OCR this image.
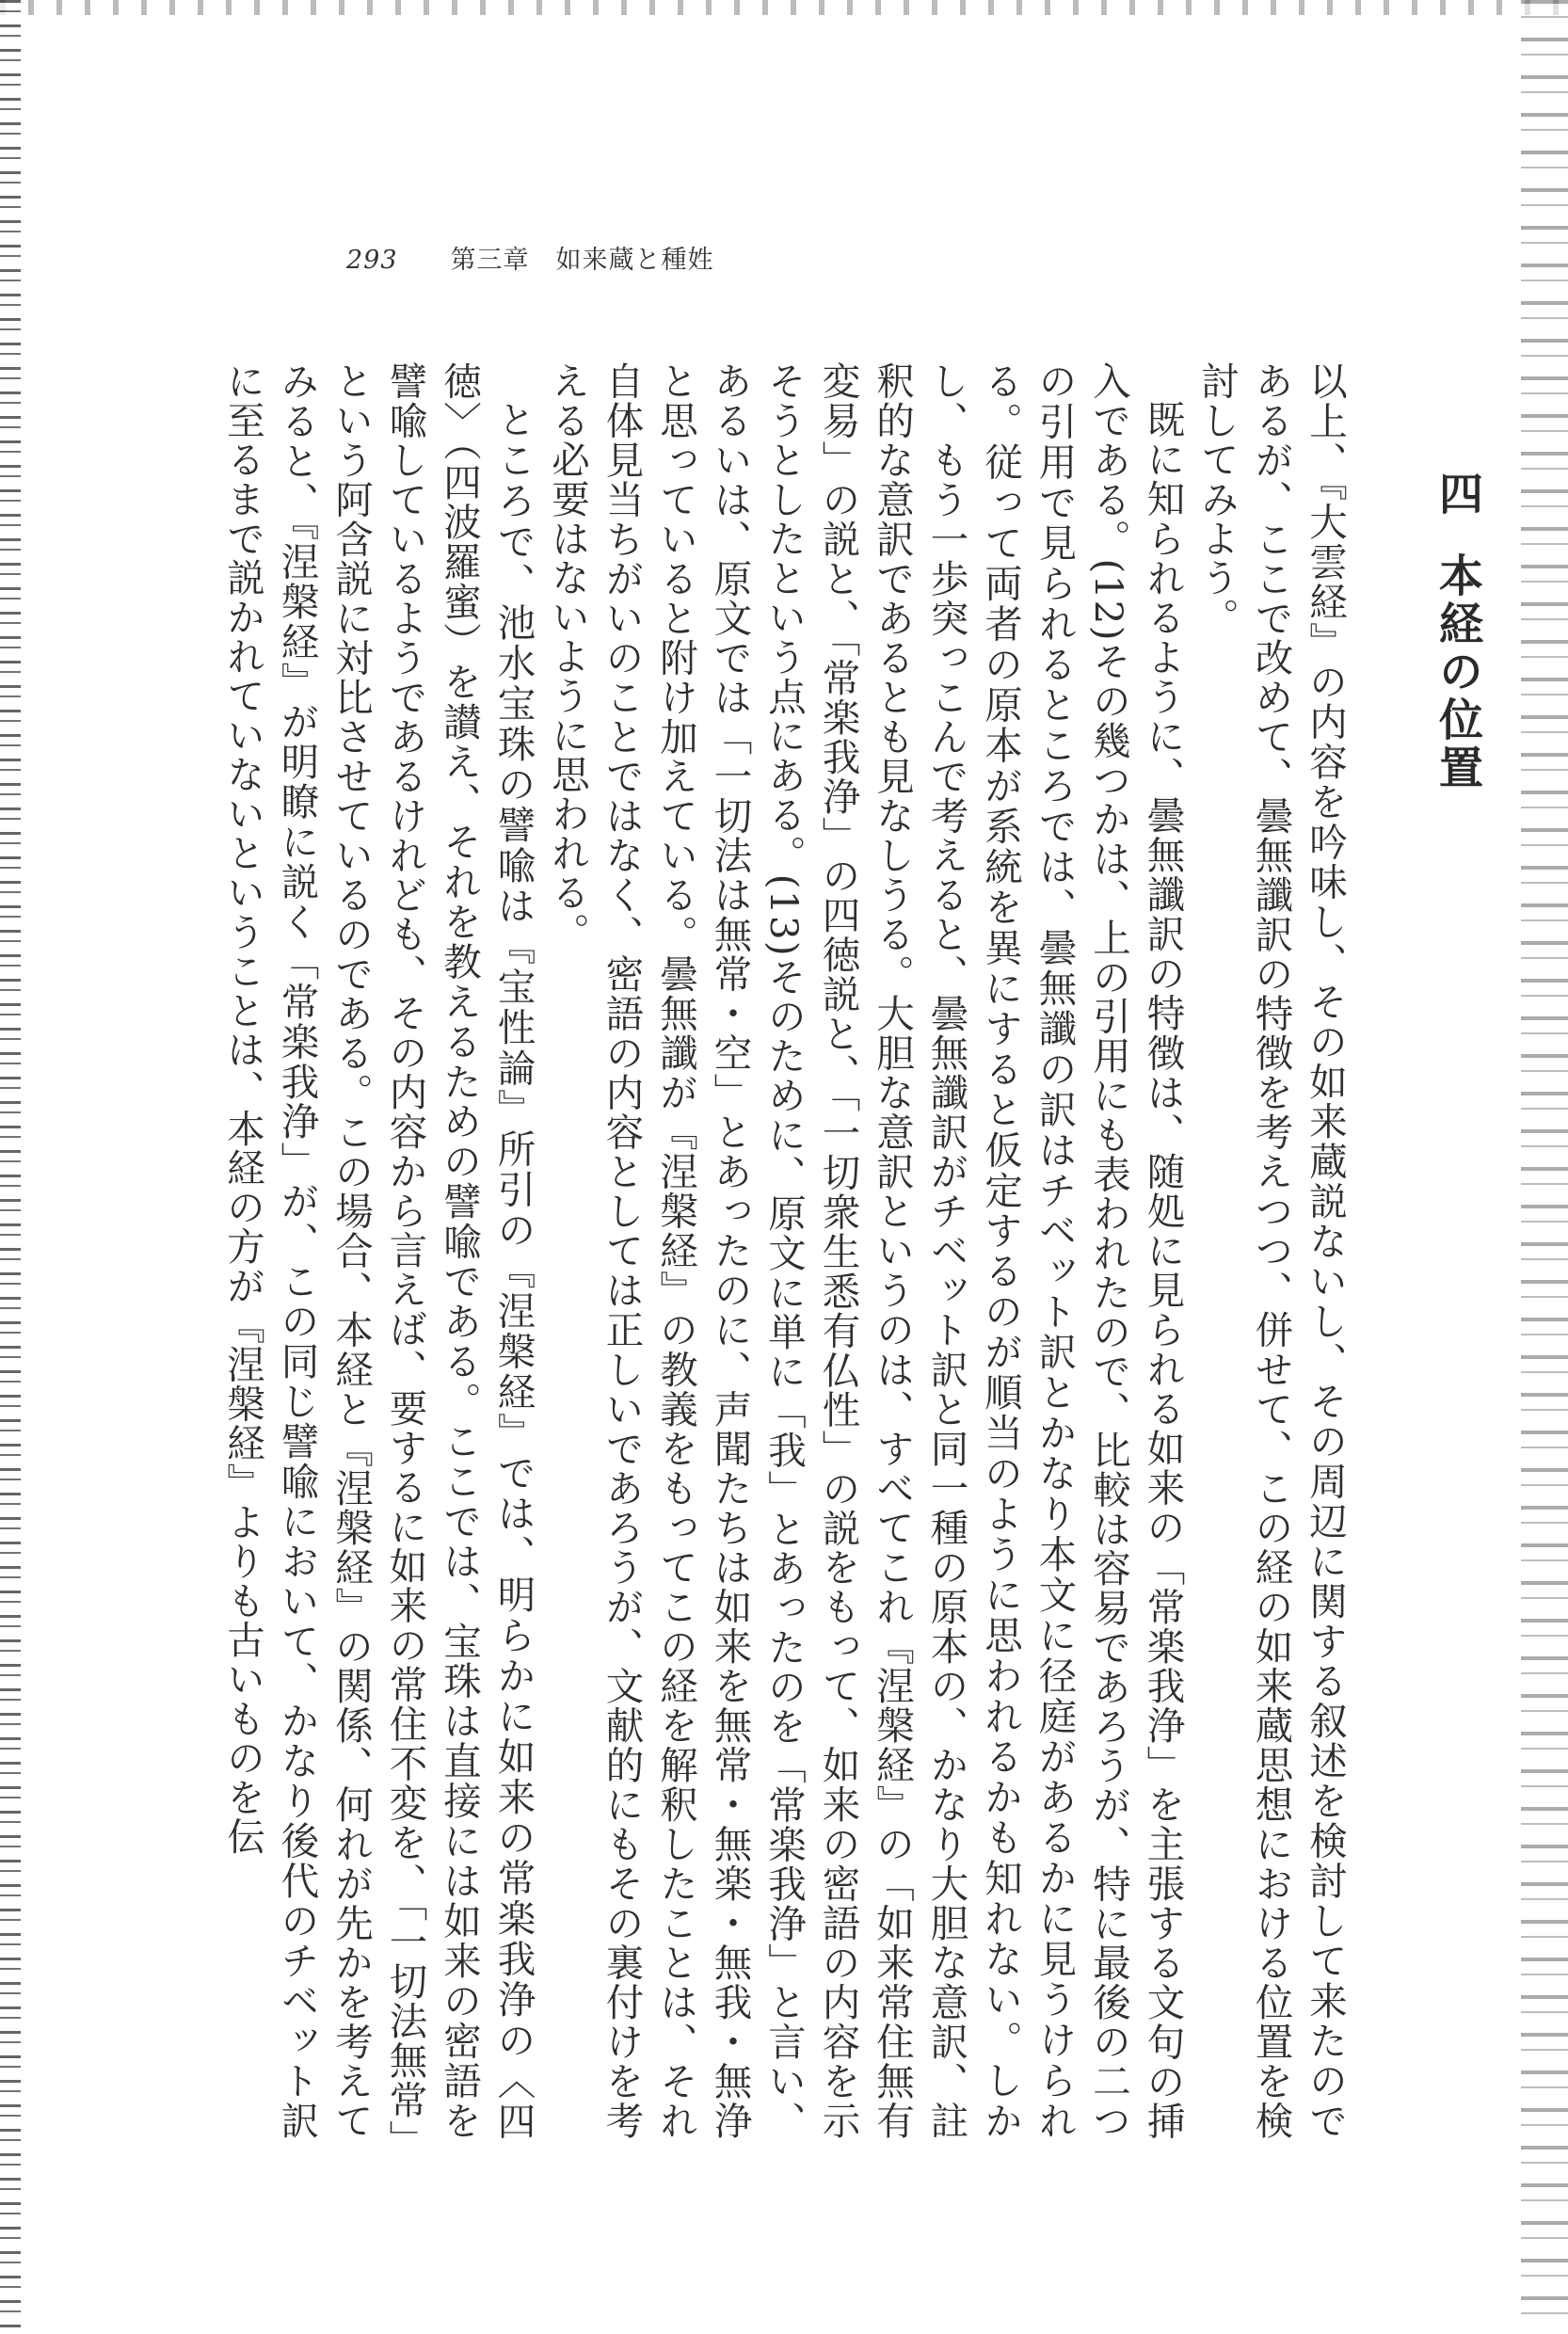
293 第三章　如来蔵と種姓
四本経の位置

以上、『大雲経』の内容を吟味し、その如来蔵説ないし、その周辺に関する叙述を検討して来たのであるが、ここで改めて、曇無讖訳の特徴を考えつつ、併せて、この経の如来蔵思想における位置を検討してみよう。

既に知られるように、曇無讖訳の特徴は、随処に見られる如来の「常楽我浄」を主張する文句の挿入である。(12)その幾つかは、上の引用にも表われたので、比較は容易であろうが、特に最後の二つの引用で見られるところでは、曇無讖の訳はチベット訳とかなり本文に径庭があるかに見うけられる。従って両者の原本が系統を異にすると仮定するのが順当のように思われるかも知れない。しかし、もう一歩突っこんで考えると、曇無讖訳がチベット訳と同一種の原本の、かなり大胆な意訳、註釈的な意訳であるとも見なしうる。大胆な意訳というのは、すべてこれ『涅槃経』の「如来常住無有変易」の説と、「常楽我浄」の四徳説と、「一切衆生悉有仏性」の説をもって、如来の密語の内容を示そうとしたという点にある。(13)そのために、原文に単に「我」とあったのを「常楽我浄」と言い、あるいは、原文では「一切法は無常・空」とあったのに、声聞たちは如来を無常・無楽・無我・無浄と思っていると附け加えている。曇無讖が『涅槃経』の教義をもってこの経を解釈したことは、それ自体見当ちがいのことではなく、密語の内容としては正しいであろうが、文献的にもその裏付けを考える必要はないように思われる。

ところで、池水宝珠の譬喩は『宝性論』所引の『涅槃経』では、明らかに如来の常楽我浄の〈四徳〉（四波羅蜜）を讃え、それを教えるための譬喩である。ここでは、宝珠は直接には如来の密語を譬喩しているようであるけれども、その内容から言えば、要するに如来の常住不変を、「一切法無常」という阿含説に対比させているのである。この場合、本経と『涅槃経』の関係、何れが先かを考えてみると、『涅槃経』が明瞭に説く「常楽我浄」が、この同じ譬喩において、かなり後代のチベット訳に至るまで説かれていないということは、本経の方が『涅槃経』よりも古いものを伝
